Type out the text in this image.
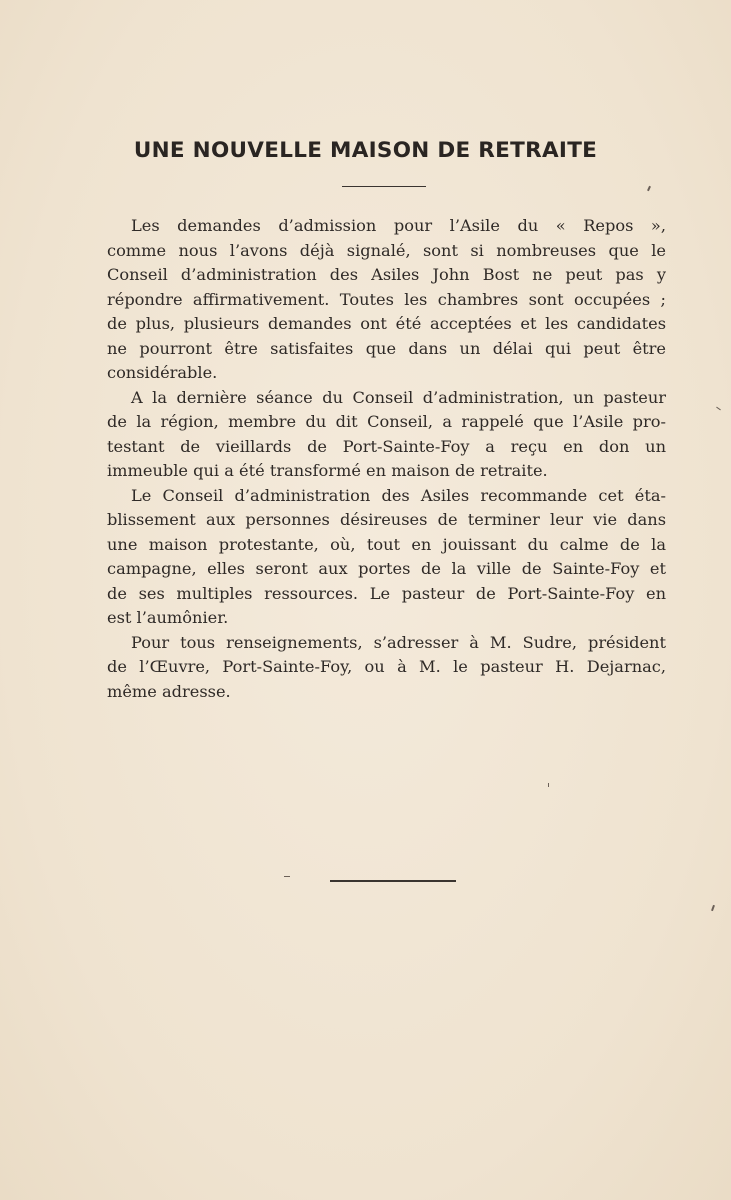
UNE NOUVELLE MAISON DE RETRAITE
Les demandes d’admission pour l’Asile du « Repos »,
comme nous l’avons déjà signalé, sont si nombreuses que le
Conseil d’administration des Asiles John Bost ne peut pas y
répondre affirmativement. Toutes les chambres sont occupées ;
de plus, plusieurs demandes ont été acceptées et les candidates
ne pourront être satisfaites que dans un délai qui peut être
considérable.
A la dernière séance du Conseil d’administration, un pasteur
de la région, membre du dit Conseil, a rappelé que l’Asile pro-
testant de vieillards de Port-Sainte-Foy a reçu en don un
immeuble qui a été transformé en maison de retraite.
Le Conseil d’administration des Asiles recommande cet éta-
blissement aux personnes désireuses de terminer leur vie dans
une maison protestante, où, tout en jouissant du calme de la
campagne, elles seront aux portes de la ville de Sainte-Foy et
de ses multiples ressources. Le pasteur de Port-Sainte-Foy en
est l’aumônier.
Pour tous renseignements, s’adresser à M. Sudre, président
de l’Œuvre, Port-Sainte-Foy, ou à M. le pasteur H. Dejarnac,
même adresse.
